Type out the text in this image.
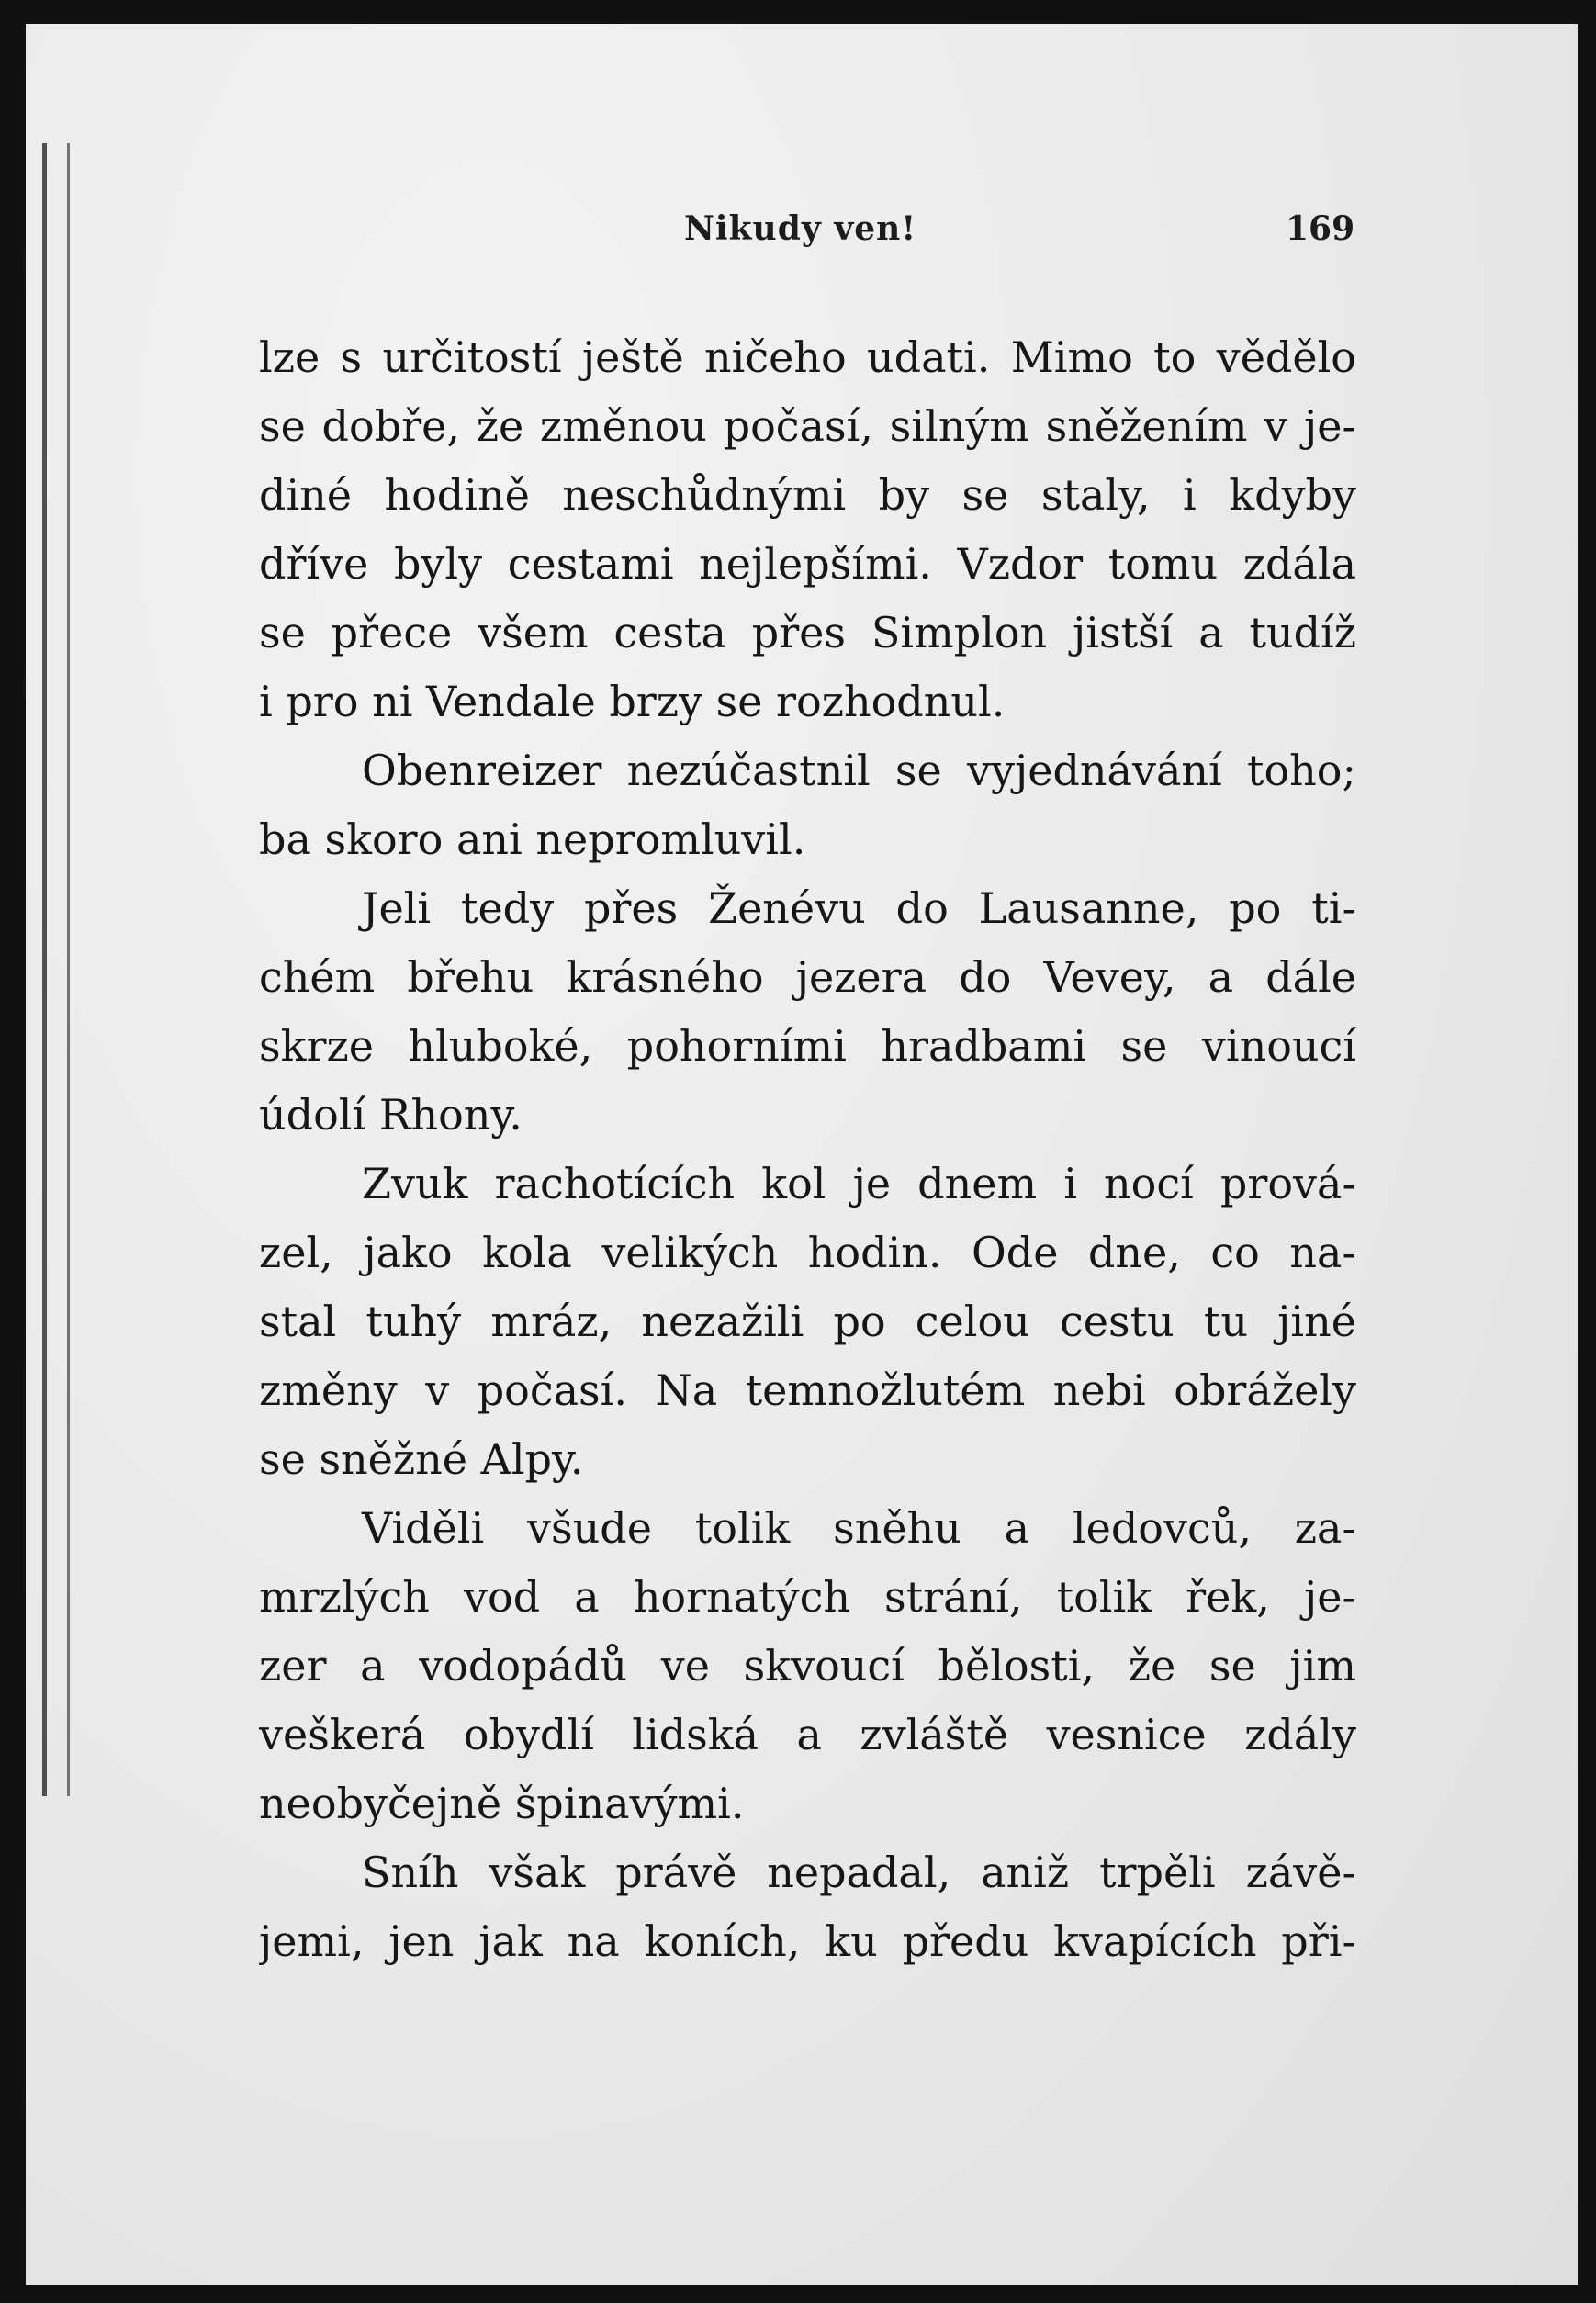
Nikudy ven!	169
lze s určitostí ještě ničeho udati. Mimo to vědělo
se dobře, že změnou počasí, silným sněžením v je-
diné hodině neschůdnými by se staly, i kdyby
dříve byly cestami nejlepšími. Vzdor tomu zdála
se přece všem cesta přes Simplon jistší a tudíž
i pro ni Vendale brzy se rozhodnul.
Obenreizer nezúčastnil se vyjednávání toho;
ba skoro ani nepromluvil.
Jeli tedy přes Ženévu do Lausanne, po ti-
chém břehu krásného jezera do Vevey, a dále
skrze hluboké, pohorními hradbami se vinoucí
údolí Rhony.
Zvuk rachotících kol je dnem i nocí prová-
zel, jako kola velikých hodin. Ode dne, co na-
stal tuhý mráz, nezažili po celou cestu tu jiné
změny v počasí. Na temnožlutém nebi obrážely
se sněžné Alpy.
Viděli všude tolik sněhu a ledovců, za-
mrzlých vod a hornatých strání, tolik řek, je-
zer a vodopádů ve skvoucí bělosti, že se jim
veškerá obydlí lidská a zvláště vesnice zdály
neobyčejně špinavými.
Sníh však právě nepadal, aniž trpěli závě-
jemi, jen jak na koních, ku předu kvapících při-
